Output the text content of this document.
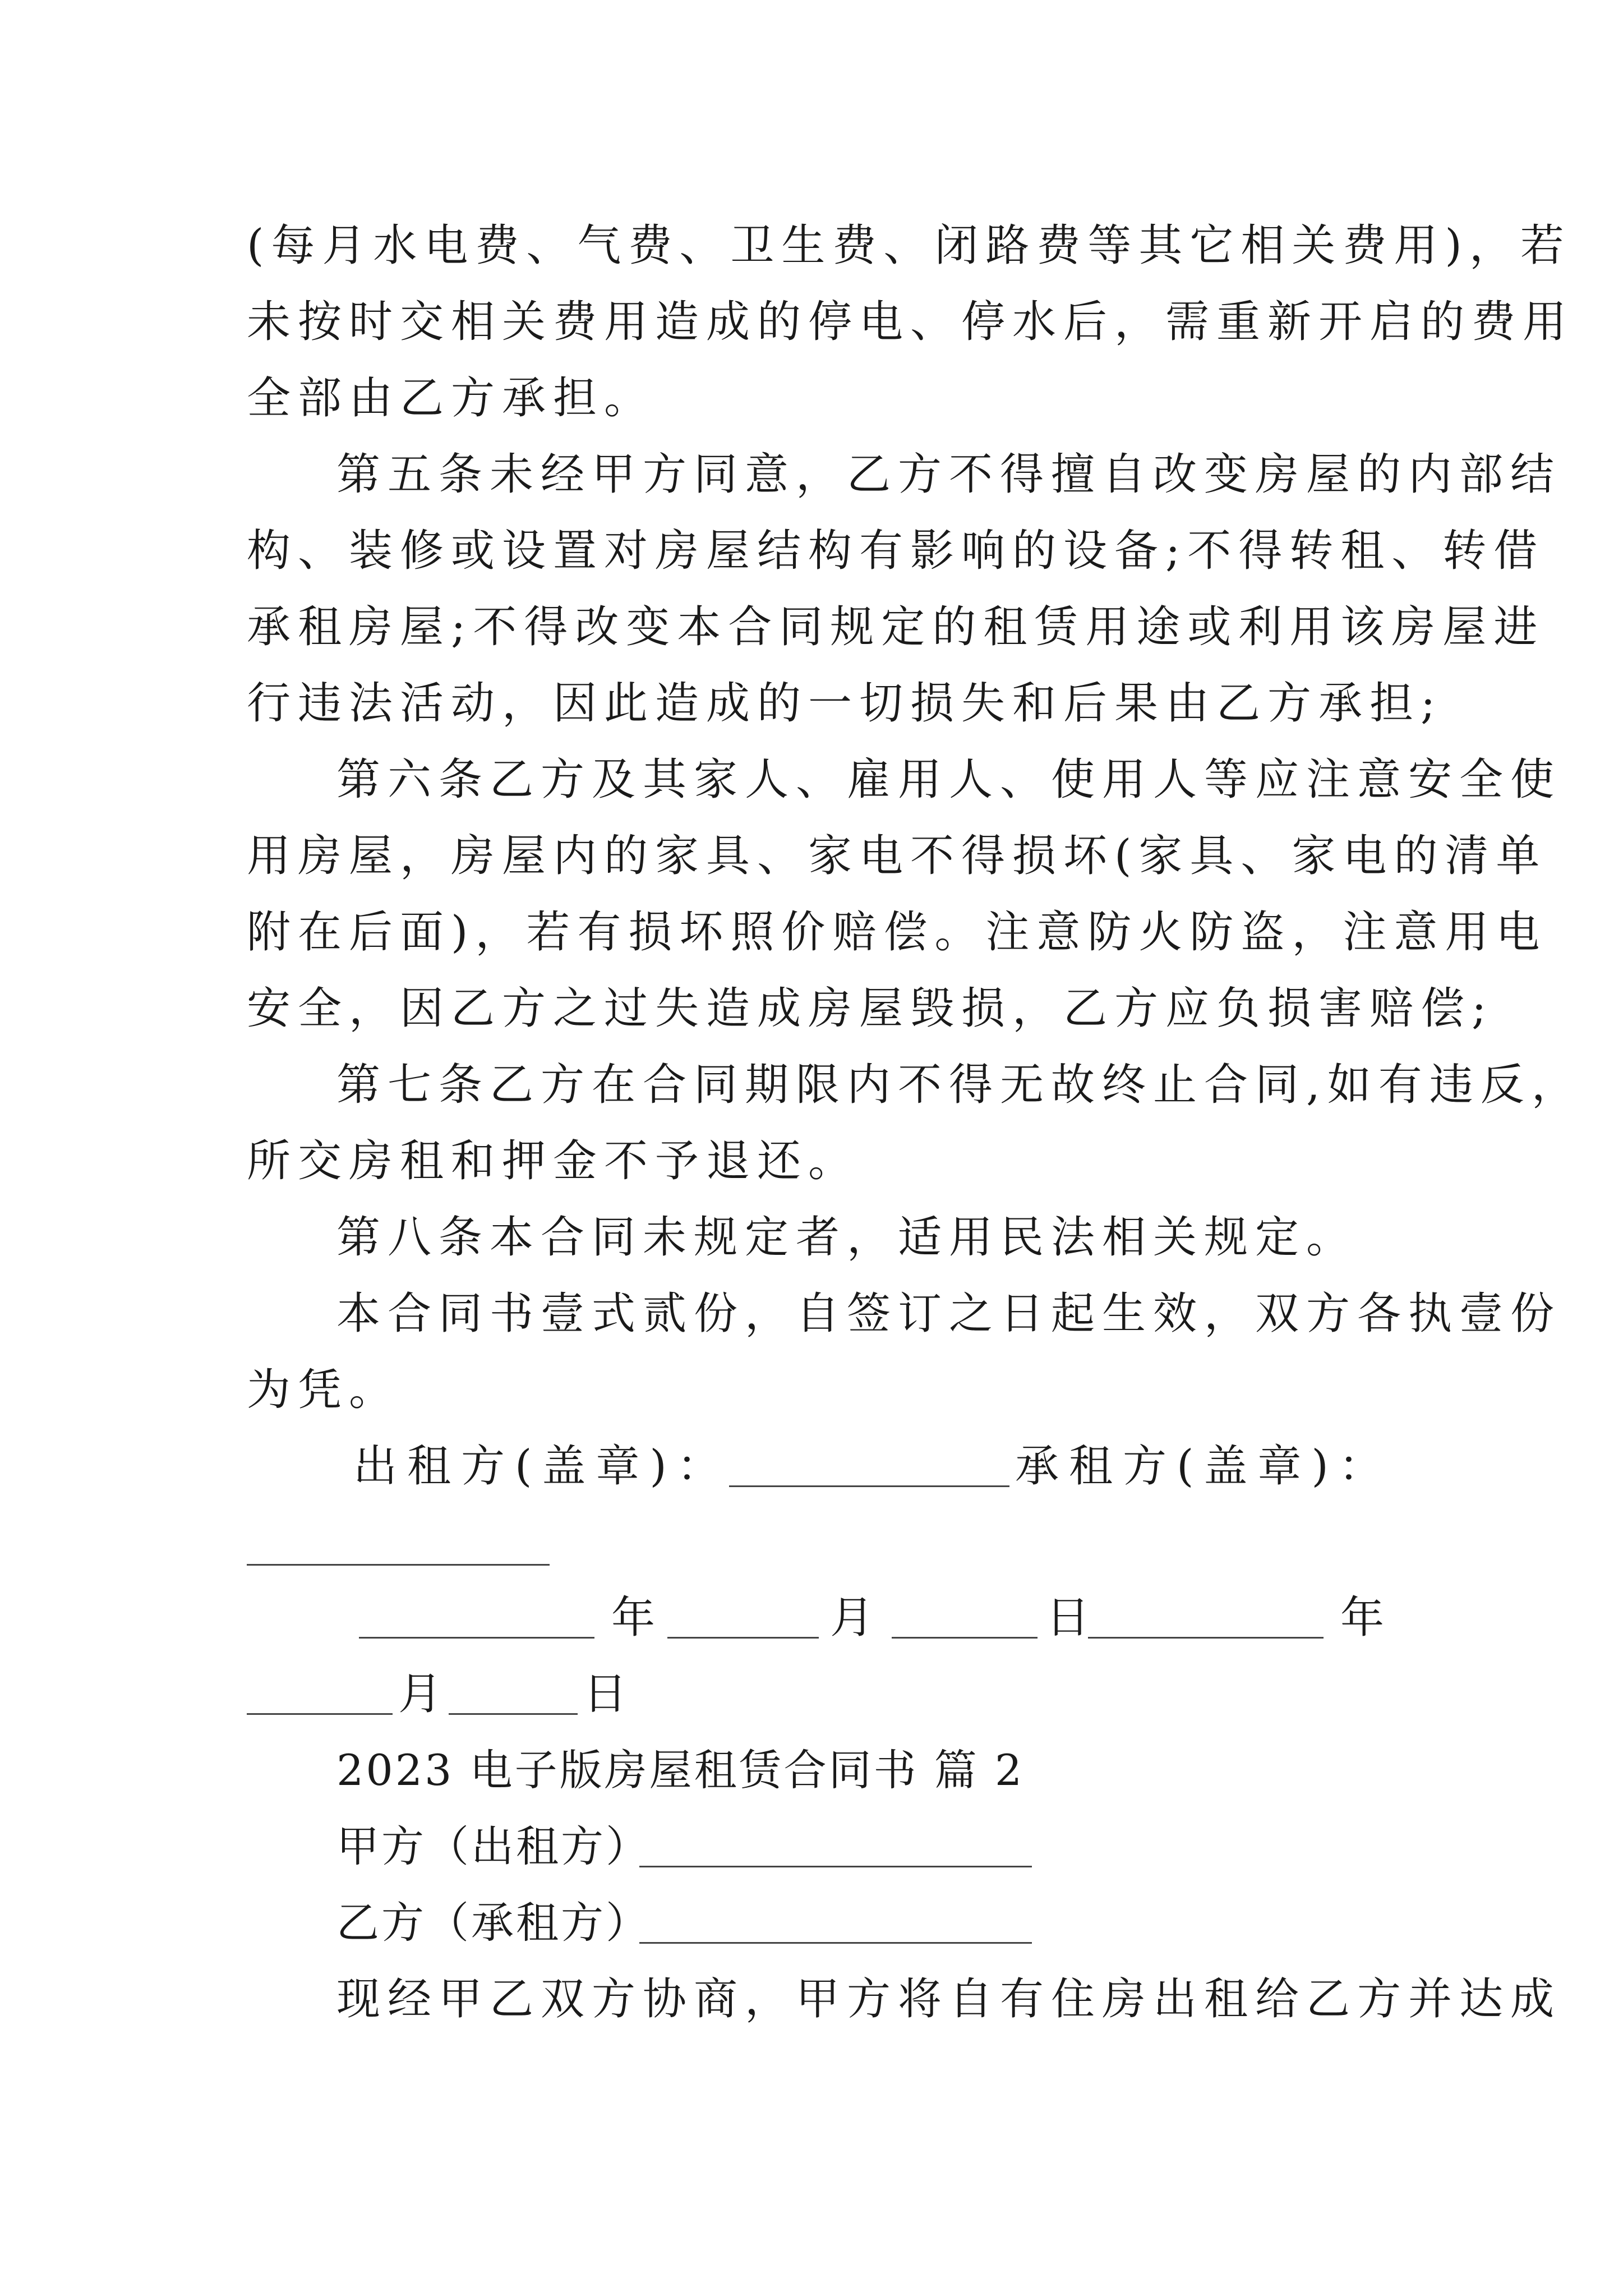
(每月水电费、气费、卫生费、闭路费等其它相关费用)，若
未按时交相关费用造成的停电、停水后，需重新开启的费用
全部由乙方承担。
第五条未经甲方同意，乙方不得擅自改变房屋的内部结
构、装修或设置对房屋结构有影响的设备;不得转租、转借
承租房屋;不得改变本合同规定的租赁用途或利用该房屋进
行违法活动，因此造成的一切损失和后果由乙方承担;
第六条乙方及其家人、雇用人、使用人等应注意安全使
用房屋，房屋内的家具、家电不得损坏(家具、家电的清单
附在后面)，若有损坏照价赔偿。注意防火防盗，注意用电
安全，因乙方之过失造成房屋毁损，乙方应负损害赔偿;
第七条乙方在合同期限内不得无故终止合同,如有违反，
所交房租和押金不予退还。
第八条本合同未规定者，适用民法相关规定。
本合同书壹式贰份，自签订之日起生效，双方各执壹份
为凭。
出租方(盖章)：	承租方(盖章)：
年	月	日	年
月	日
2023 电子版房屋租赁合同书 篇 2
甲方（出租方）
乙方（承租方）
现经甲乙双方协商，甲方将自有住房出租给乙方并达成
